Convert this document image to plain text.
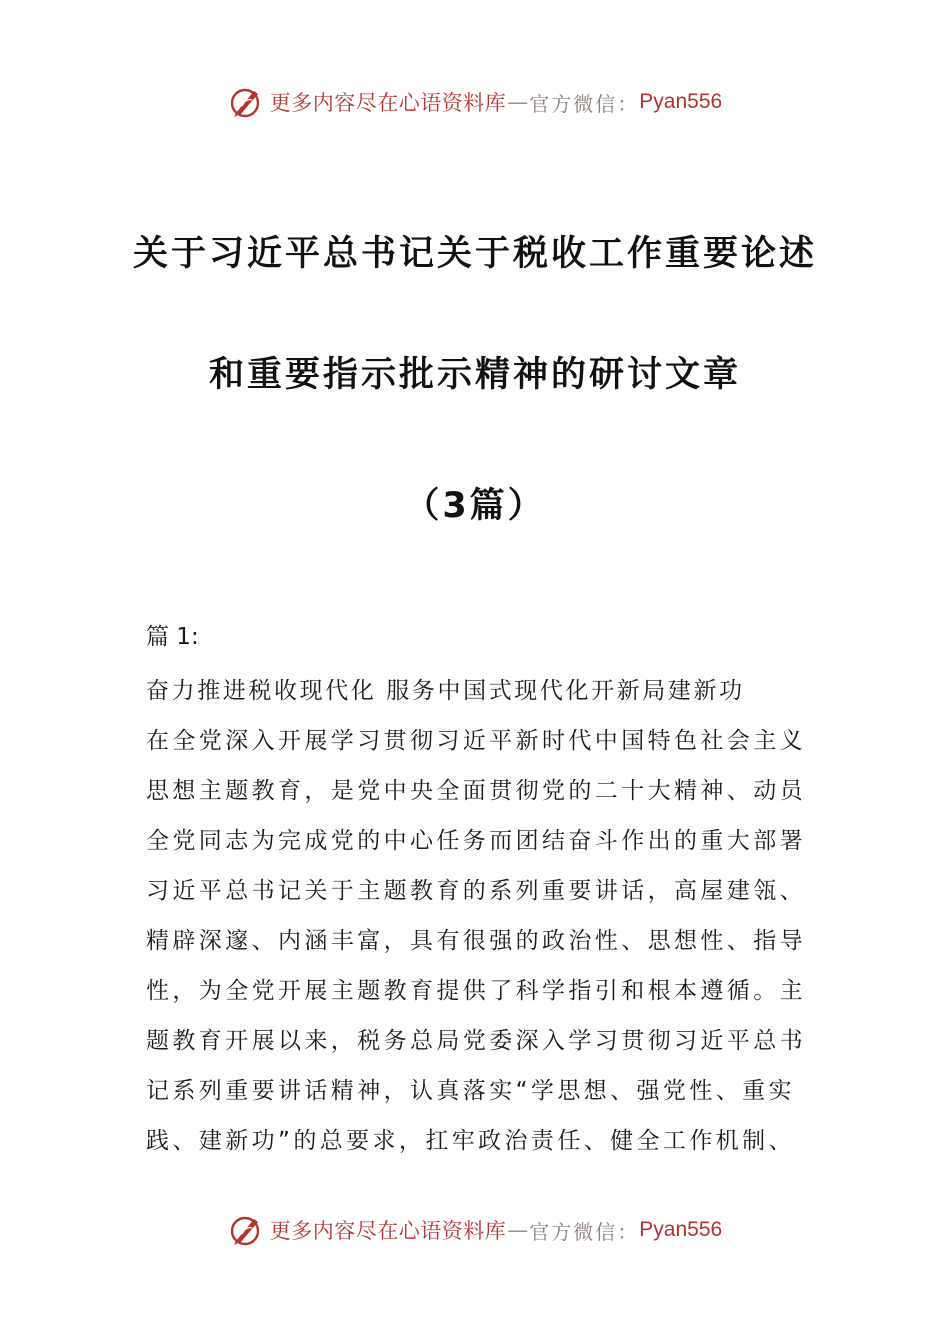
更多内容尽在心语资料库 — 官方微信： Pyan556
关于习近平总书记关于税收工作重要论述
和重要指示批示精神的研讨文章
（3篇）
篇 1:
奋力推进税收现代化 服务中国式现代化开新局建新功
在全党深入开展学习贯彻习近平新时代中国特色社会主义
思想主题教育，是党中央全面贯彻党的二十大精神、动员
全党同志为完成党的中心任务而团结奋斗作出的重大部署
习近平总书记关于主题教育的系列重要讲话，高屋建瓴、
精辟深邃、内涵丰富，具有很强的政治性、思想性、指导
性，为全党开展主题教育提供了科学指引和根本遵循。主
题教育开展以来，税务总局党委深入学习贯彻习近平总书
记系列重要讲话精神，认真落实“学思想、强党性、重实
践、建新功”的总要求，扛牢政治责任、健全工作机制、
更多内容尽在心语资料库 — 官方微信： Pyan556
